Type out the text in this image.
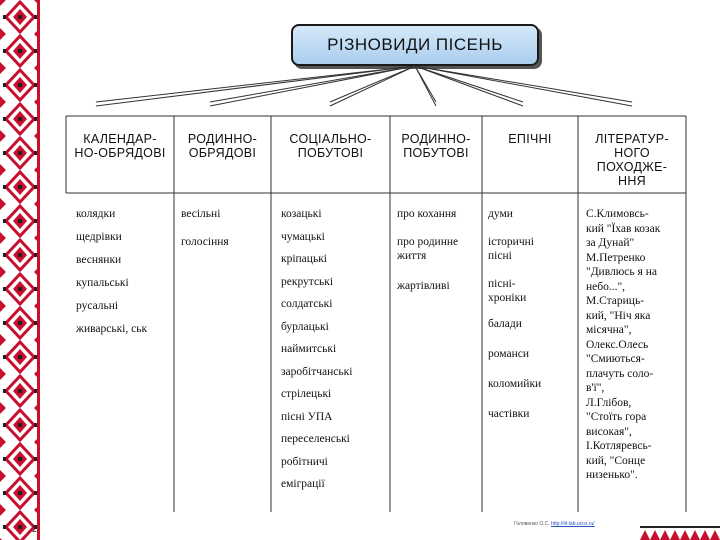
РІЗНОВИДИ ПІСЕНЬ
КАЛЕНДАР-
НО-ОБРЯДОВІ
РОДИННО-
ОБРЯДОВІ
СОЦІАЛЬНО-
ПОБУТОВІ
РОДИННО-
ПОБУТОВІ
ЕПІЧНІ	ЛІТЕРАТУР-
НОГО
ПОХОДЖЕ-
ННЯ
колядки
щедрівки
веснянки
купальські
русальні
живарські, ськ
весільні
голосіння
козацькі
чумацькі
кріпацькі
рекрутські
солдатські
бурлацькі
наймитські
заробітчанські
стрілецькі
пісні УПА
переселенські
робітничі
еміграції
про кохання
про родинне життя
жартівливі
думи
історичні пісні
пісні-хроніки
балади
романси
коломийки
частівки
С.Климовсь-
кий "Їхав козак
за Дунай"
М.Петренко
"Дивлюсь я на
небо...",
М.Стариць-
кий, "Ніч яка
місячна",
Олекс.Олесь
"Смиються-
плачуть соло-
в'ї",
Л.Глібов,
"Стоїть гора
високая",
І.Котляревсь-
кий, "Сонце
низенько".
2	Головенко О.С. http://iit-lab.ucoz.ru/
